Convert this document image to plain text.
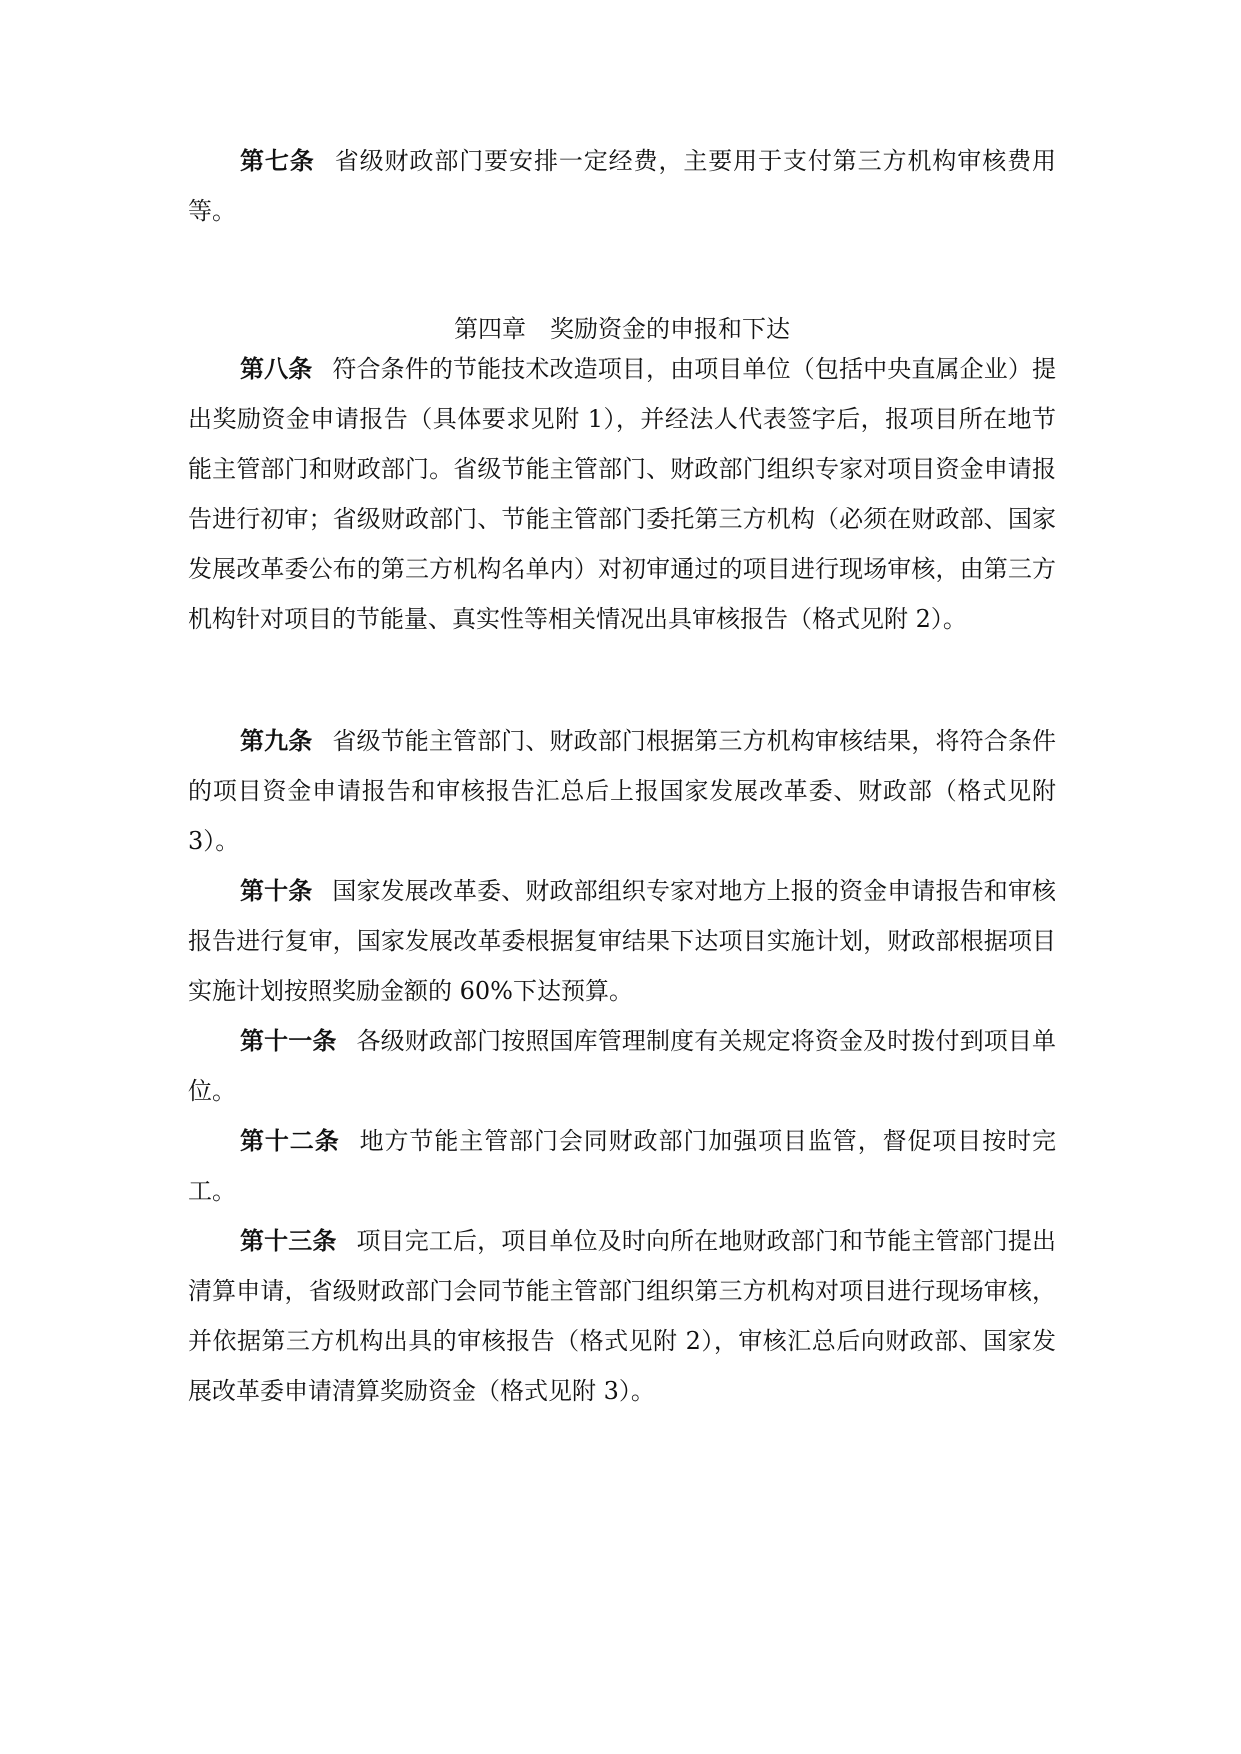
第七条 省级财政部门要安排一定经费，主要用于支付第三方机构审核费用等。

第四章 奖励资金的申报和下达

第八条 符合条件的节能技术改造项目，由项目单位（包括中央直属企业）提出奖励资金申请报告（具体要求见附 1），并经法人代表签字后，报项目所在地节能主管部门和财政部门。省级节能主管部门、财政部门组织专家对项目资金申请报告进行初审；省级财政部门、节能主管部门委托第三方机构（必须在财政部、国家发展改革委公布的第三方机构名单内）对初审通过的项目进行现场审核，由第三方机构针对项目的节能量、真实性等相关情况出具审核报告（格式见附 2）。

第九条 省级节能主管部门、财政部门根据第三方机构审核结果，将符合条件的项目资金申请报告和审核报告汇总后上报国家发展改革委、财政部（格式见附 3）。

第十条 国家发展改革委、财政部组织专家对地方上报的资金申请报告和审核报告进行复审，国家发展改革委根据复审结果下达项目实施计划，财政部根据项目实施计划按照奖励金额的 60%下达预算。

第十一条 各级财政部门按照国库管理制度有关规定将资金及时拨付到项目单位。

第十二条 地方节能主管部门会同财政部门加强项目监管，督促项目按时完工。

第十三条 项目完工后，项目单位及时向所在地财政部门和节能主管部门提出清算申请，省级财政部门会同节能主管部门组织第三方机构对项目进行现场审核，并依据第三方机构出具的审核报告（格式见附 2），审核汇总后向财政部、国家发展改革委申请清算奖励资金（格式见附 3）。
